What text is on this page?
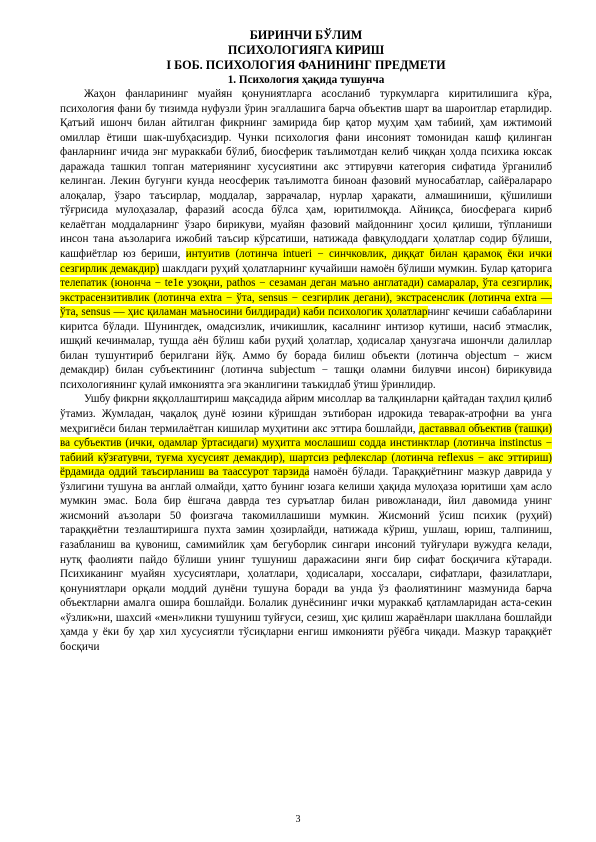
БИРИНЧИ БЎЛИМ

ПСИХОЛОГИЯГА КИРИШ

I БОБ. ПСИХОЛОГИЯ ФАНИНИНГ ПРЕДМЕТИ

1. Психология ҳақида тушунча

Жаҳон фанларининг муайян қонуниятларга асосланиб туркумларга киритилишига кўра, психология фани бу тизимда нуфузли ўрин эгаллашига барча объектив шарт ва шароитлар етарлидир. Қатъий ишонч билан айтилган фикрнинг замирида бир қатор муҳим ҳам табиий, ҳам ижтимоий омиллар ётиши шак-шубҳасиздир. Чунки психология фани инсоният томонидан кашф қилинган фанларнинг ичида энг мураккаби бўлиб, биосферик таълимотдан келиб чиққан ҳолда психика юксак даражада ташкил топган материянинг хусусиятини акс эттирувчи категория сифатида ўрганилиб келинган. Лекин бугунги кунда неосферик таълимотга биноан фазовий муносабатлар, сайёралараро алоқалар, ўзаро таъсирлар, моддалар, заррачалар, нурлар ҳаракати, алмашиниши, қўшилиши тўғрисида мулоҳазалар, фаразий асосда бўлса ҳам, юритилмоқда. Айниқса, биосферага кириб келаётган моддаларнинг ўзаро бирикуви, муайян фазовий майдоннинг ҳосил қилиши, тўпланиши инсон тана аъзоларига ижобий таъсир кўрсатиши, натижада фавқулоддаги ҳолатлар содир бўлиши, кашфиётлар юз бериши, интуитив (лотинча intueri − синчковлик, диққат билан қарамоқ ёки ички сезгирлик демакдир) шаклдаги руҳий ҳолатларнинг кучайиши намоён бўлиши мумкин. Булар қаторига телепатик (юнонча − te1e узоқни, pathos − сезаман деган маъно англатади) самаралар, ўта сезгирлик, экстрасензитивлик (лотинча extra − ўта, sensus − сезгирлик дегани), экстрасенслик (лотинча extra — ўта, sensus — ҳис қиламан маъносини билдиради) каби психологик ҳолатларнинг кечиши сабабларини киритса бўлади. Шунингдек, омадсизлик, ичикишлик, касалнинг интизор кутиши, насиб этмаслик, ишқий кечинмалар, тушда аён бўлиш каби руҳий ҳолатлар, ҳодисалар ҳанузгача ишончли далиллар билан тушунтириб берилгани йўқ. Аммо бу борада билиш объекти (лотинча objectum − жисм демакдир) билан субъектининг (лотинча subjectum − ташқи оламни билувчи инсон) бирикувида психологиянинг қулай имкониятга эга эканлигини таъкидлаб ўтиш ўринлидир.

Ушбу фикрни яққоллаштириш мақсадида айрим мисоллар ва талқинларни қайтадан таҳлил қилиб ўтамиз. Жумладан, чақалоқ дунё юзини кўришдан эътиборан идрокида теварак-атрофни ва унга меҳригиёси билан термилаётган кишилар муҳитини акс эттира бошлайди, даставвал объектив (ташқи) ва субъектив (ички, одамлар ўртасидаги) муҳитга мослашиш содда инстинктлар (лотинча instinctus − табиий кўзғатувчи, туғма хусусият демакдир), шартсиз рефлекслар (лотинча reflexus − акс эттириш) ёрдамида оддий таъсирланиш ва таассурот тарзида намоён бўлади. Тараққиётнинг мазкур даврида у ўзлигини тушуна ва англай олмайди, ҳатто бунинг юзага келиши ҳақида мулоҳаза юритиши ҳам асло мумкин эмас. Бола бир ёшгача даврда тез суръатлар билан ривожланади, йил давомида унинг жисмоний аъзолари 50 фоизгача такомиллашиши мумкин. Жисмоний ўсиш психик (руҳий) тараққиётни тезлаштиришга пухта замин ҳозирлайди, натижада кўриш, ушлаш, юриш, талпиниш, ғазабланиш ва қувониш, самимийлик ҳам бегуборлик сингари инсоний туйғулари вужудга келади, нутқ фаолияти пайдо бўлиши унинг тушуниш даражасини янги бир сифат босқичига кўтаради. Психиканинг муайян хусусиятлари, ҳолатлари, ҳодисалари, хоссалари, сифатлари, фазилатлари, қонуниятлари орқали моддий дунёни тушуна боради ва унда ўз фаолиятининг мазмунида барча объектларни амалга ошира бошлайди. Болалик дунёсининг ички мураккаб қатламларидан аста-секин «ўзлик»ни, шахсий «мен»ликни тушуниш туйғуси, сезиш, ҳис қилиш жараёнлари шакллана бошлайди ҳамда у ёки бу ҳар хил хусусиятли тўсиқларни енгиш имконияти рўёбга чиқади. Мазкур тараққиёт босқичи

3
